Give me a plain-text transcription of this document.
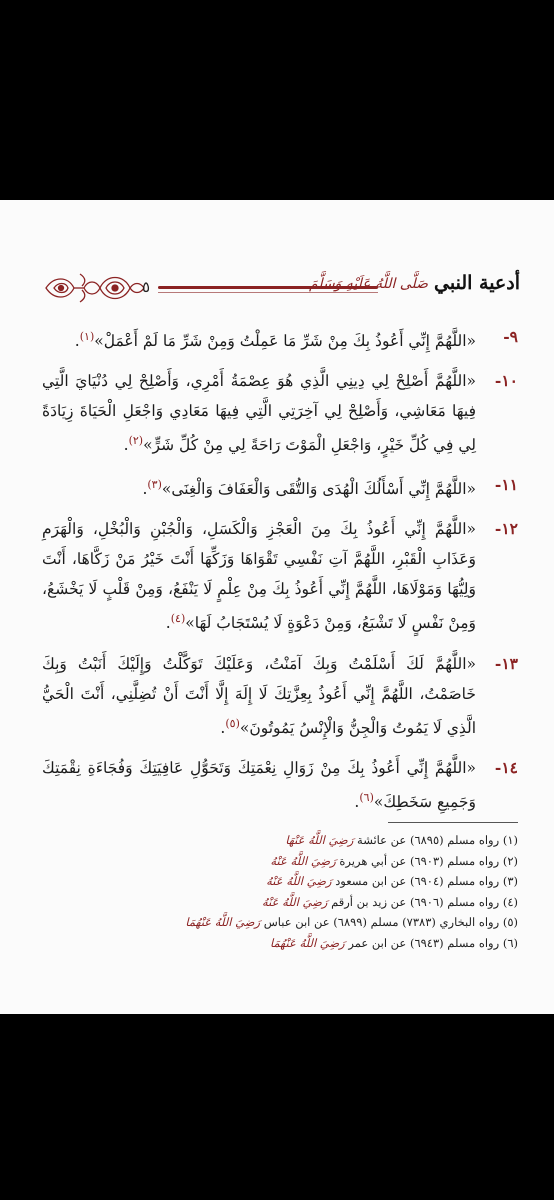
٥	صَلَّى اللَّهُ عَلَيْهِ وَسَلَّمَ أدعية النبي
٩-
«اللَّهُمَّ إِنِّي أَعُوذُ بِكَ مِنْ شَرِّ مَا عَمِلْتُ وَمِنْ شَرِّ مَا لَمْ أَعْمَلْ»$^{(١)}$.
١٠-
«اللَّهُمَّ أَصْلِحْ لِي دِينِي الَّذِي هُوَ عِصْمَةُ أَمْرِي، وَأَصْلِحْ لِي دُنْيَايَ الَّتِي فِيهَا مَعَاشِي، وَأَصْلِحْ لِي آخِرَتِي الَّتِي فِيهَا مَعَادِي وَاجْعَلِ الْحَيَاةَ زِيَادَةً لِي فِي كُلِّ خَيْرٍ، وَاجْعَلِ الْمَوْتَ رَاحَةً لِي مِنْ كُلِّ شَرٍّ»$^{(٢)}$.
١١-
«اللَّهُمَّ إِنِّي أَسْأَلُكَ الْهُدَى وَالتُّقَى وَالْعَفَافَ وَالْغِنَى»$^{(٣)}$.
١٢-
«اللَّهُمَّ إِنِّي أَعُوذُ بِكَ مِنَ الْعَجْزِ وَالْكَسَلِ، وَالْجُبْنِ وَالْبُخْلِ، وَالْهَرَمِ وَعَذَابِ الْقَبْرِ، اللَّهُمَّ آتِ نَفْسِي تَقْوَاهَا وَزَكِّهَا أَنْتَ خَيْرُ مَنْ زَكَّاهَا، أَنْتَ وَلِيُّهَا وَمَوْلَاهَا، اللَّهُمَّ إِنِّي أَعُوذُ بِكَ مِنْ عِلْمٍ لَا يَنْفَعُ، وَمِنْ قَلْبٍ لَا يَخْشَعُ، وَمِنْ نَفْسٍ لَا تَشْبَعُ، وَمِنْ دَعْوَةٍ لَا يُسْتَجَابُ لَهَا»$^{(٤)}$.
١٣-
«اللَّهُمَّ لَكَ أَسْلَمْتُ وَبِكَ آمَنْتُ، وَعَلَيْكَ تَوَكَّلْتُ وَإِلَيْكَ أَنَبْتُ وَبِكَ خَاصَمْتُ، اللَّهُمَّ إِنِّي أَعُوذُ بِعِزَّتِكَ لَا إِلَهَ إِلَّا أَنْتَ أَنْ تُضِلَّنِي، أَنْتَ الْحَيُّ الَّذِي لَا يَمُوتُ وَالْجِنُّ وَالْإِنْسُ يَمُوتُونَ»$^{(٥)}$.
١٤-
«اللَّهُمَّ إِنِّي أَعُوذُ بِكَ مِنْ زَوَالِ نِعْمَتِكَ وَتَحَوُّلِ عَافِيَتِكَ وَفُجَاءَةِ نِقْمَتِكَ وَجَمِيعِ سَخَطِكَ»$^{(٦)}$.
(١) رواه مسلم (٦٨٩٥) عن عائشة رَضِيَ اللَّهُ عَنْهَا
(٢) رواه مسلم (٦٩٠٣) عن أبي هريرة رَضِيَ اللَّهُ عَنْهُ
(٣) رواه مسلم (٦٩٠٤) عن ابن مسعود رَضِيَ اللَّهُ عَنْهُ
(٤) رواه مسلم (٦٩٠٦) عن زيد بن أرقم رَضِيَ اللَّهُ عَنْهُ
(٥) رواه البخاري (٧٣٨٣) مسلم (٦٨٩٩) عن ابن عباس رَضِيَ اللَّهُ عَنْهُمَا
(٦) رواه مسلم (٦٩٤٣) عن ابن عمر رَضِيَ اللَّهُ عَنْهُمَا
